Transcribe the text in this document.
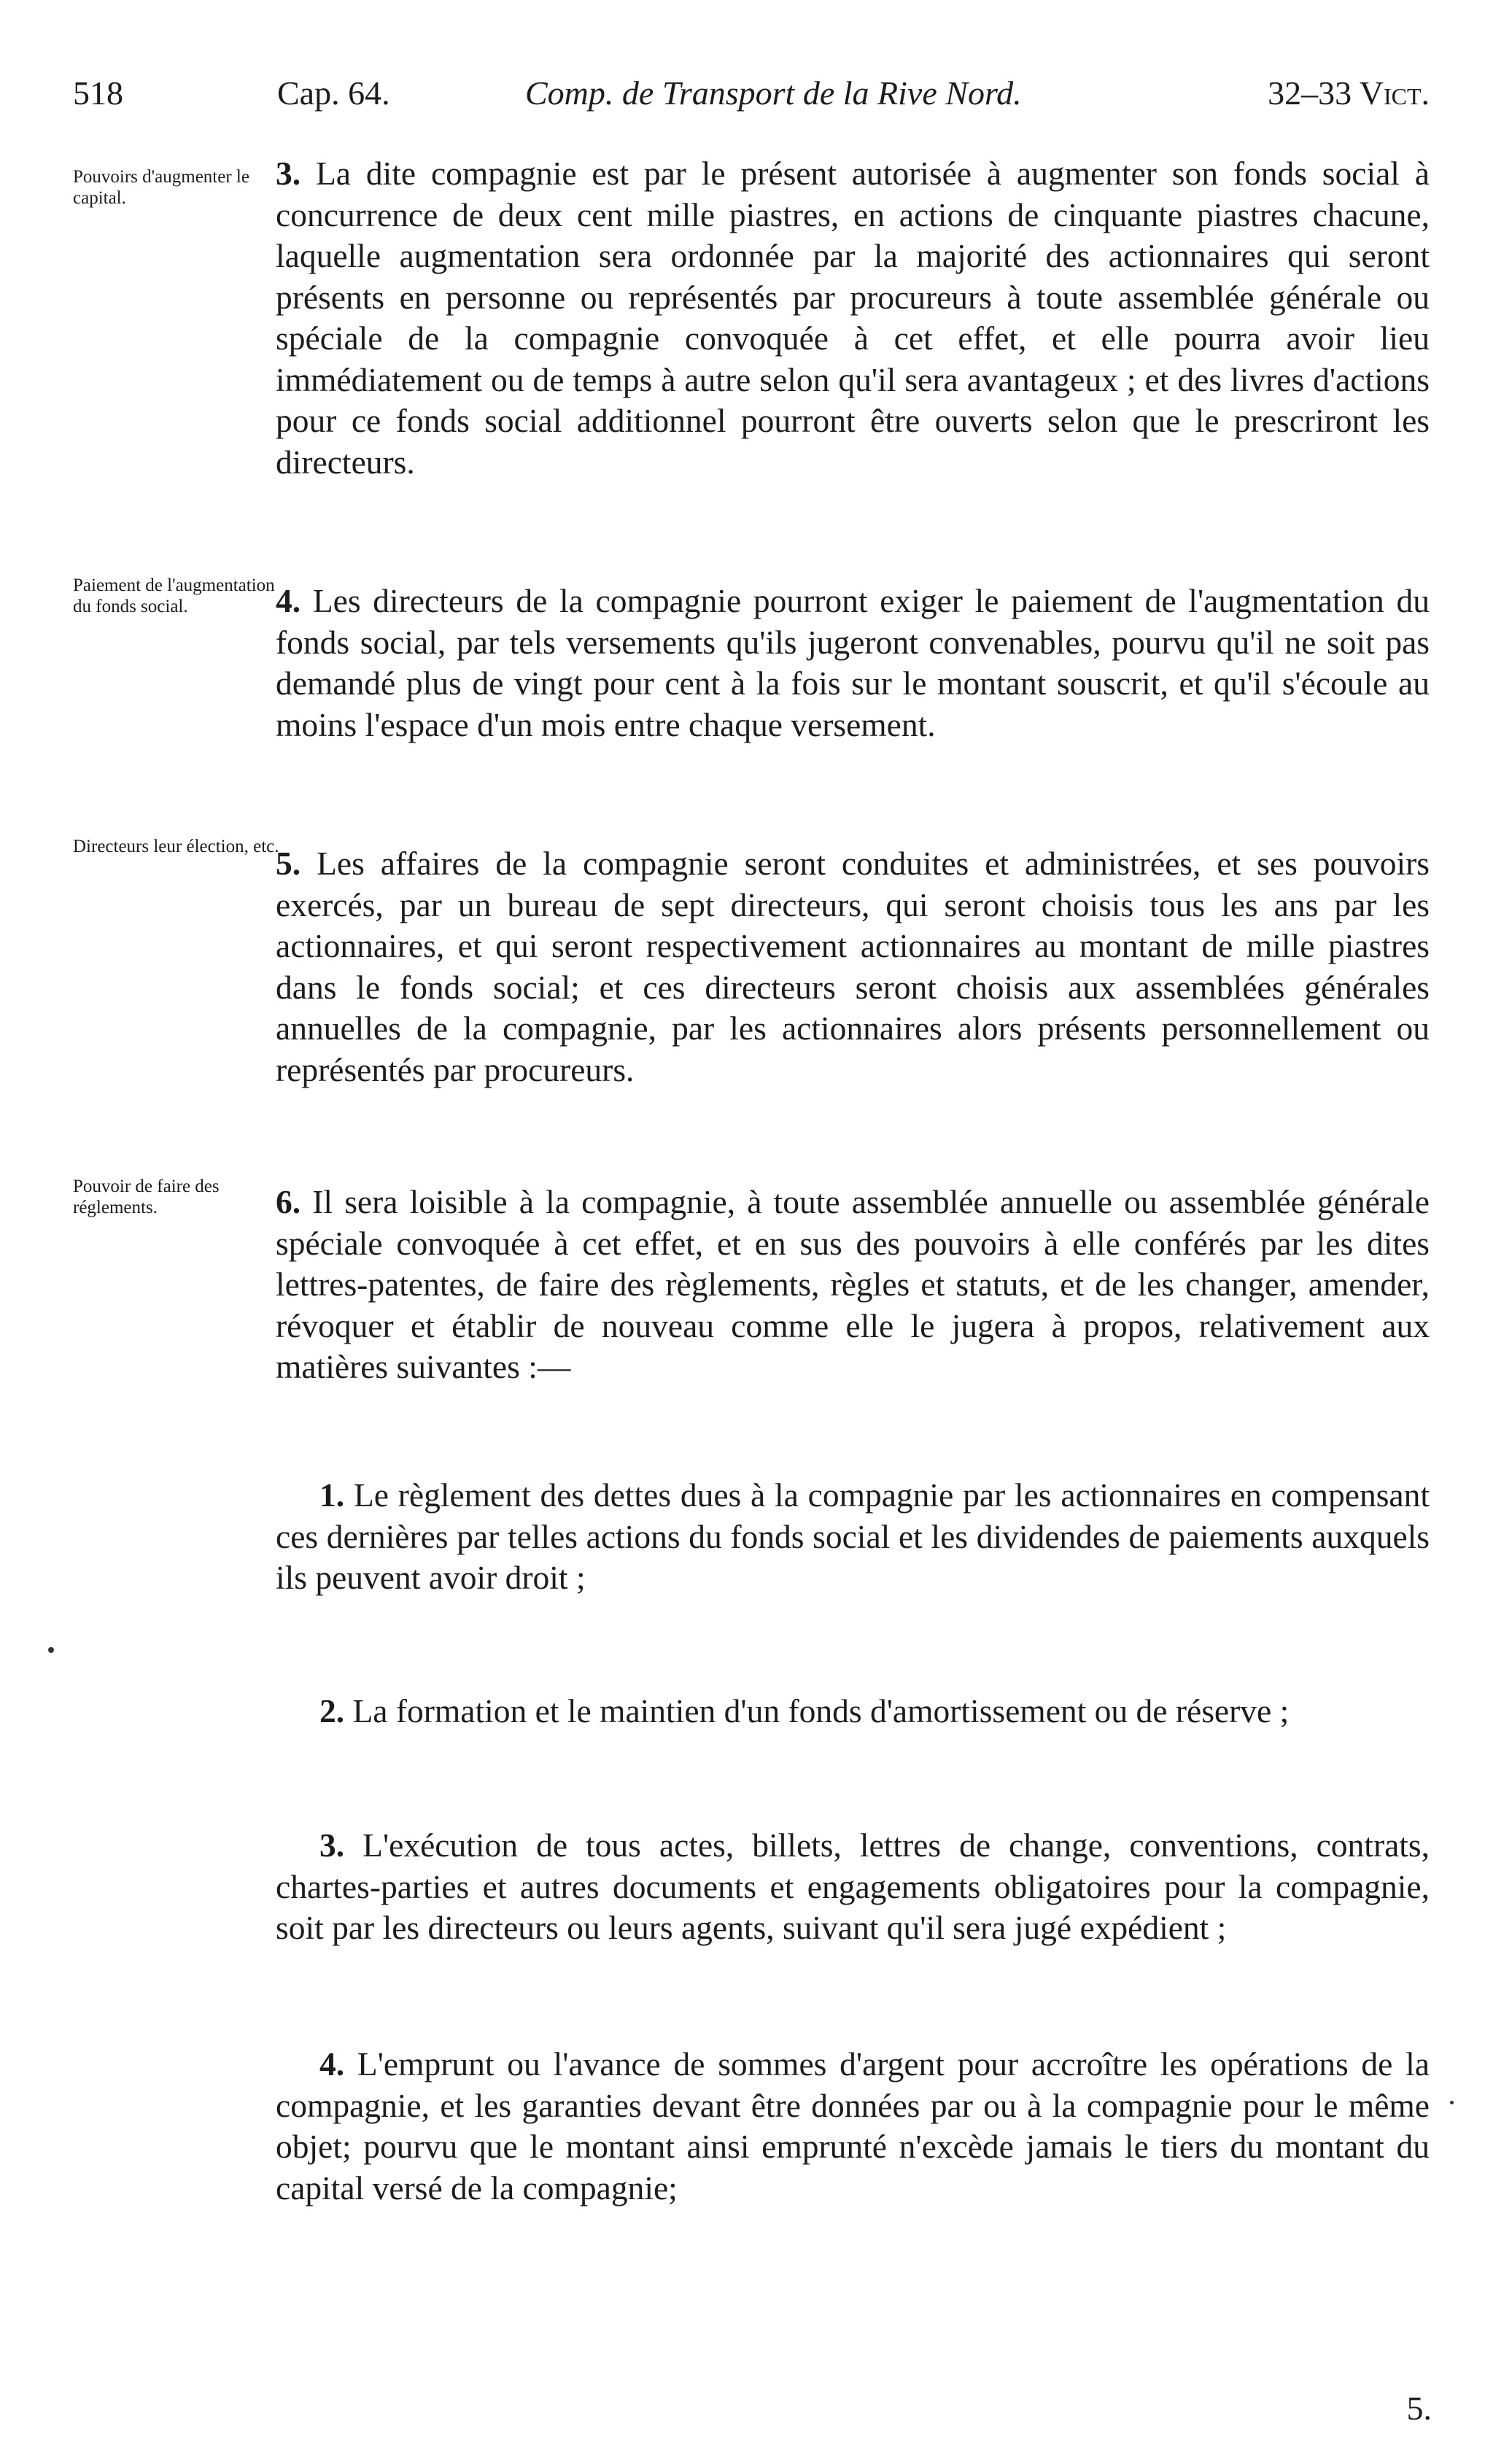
518	Cap. 64.	Comp. de Transport de la Rive Nord.	32–33 Vict.
Pouvoirs d'augmenter le capital.
3. La dite compagnie est par le présent autorisée à augmenter son fonds social à concurrence de deux cent mille piastres, en actions de cinquante piastres chacune, laquelle augmentation sera ordonnée par la majorité des actionnaires qui seront présents en personne ou représentés par procureurs à toute assemblée générale ou spéciale de la compagnie convoquée à cet effet, et elle pourra avoir lieu immédiatement ou de temps à autre selon qu'il sera avantageux ; et des livres d'actions pour ce fonds social additionnel pourront être ouverts selon que le prescriront les directeurs.
Paiement de l'augmentation du fonds social.	4. Les directeurs de la compagnie pourront exiger le paiement de l'augmentation du fonds social, par tels versements qu'ils jugeront convenables, pourvu qu'il ne soit pas demandé plus de vingt pour cent à la fois sur le montant souscrit, et qu'il s'écoule au moins l'espace d'un mois entre chaque versement.
Directeurs leur élection, etc.
5. Les affaires de la compagnie seront conduites et administrées, et ses pouvoirs exercés, par un bureau de sept directeurs, qui seront choisis tous les ans par les actionnaires, et qui seront respectivement actionnaires au montant de mille piastres dans le fonds social; et ces directeurs seront choisis aux assemblées générales annuelles de la compagnie, par les actionnaires alors présents personnellement ou représentés par procureurs.
Pouvoir de faire des réglements.	6. Il sera loisible à la compagnie, à toute assemblée annuelle ou assemblée générale spéciale convoquée à cet effet, et en sus des pouvoirs à elle conférés par les dites lettres-patentes, de faire des règlements, règles et statuts, et de les changer, amender, révoquer et établir de nouveau comme elle le jugera à propos, relativement aux matières suivantes :—
1. Le règlement des dettes dues à la compagnie par les actionnaires en compensant ces dernières par telles actions du fonds social et les dividendes de paiements auxquels ils peuvent avoir droit ;
2. La formation et le maintien d'un fonds d'amortissement ou de réserve ;
3. L'exécution de tous actes, billets, lettres de change, conventions, contrats, chartes-parties et autres documents et engagements obligatoires pour la compagnie, soit par les directeurs ou leurs agents, suivant qu'il sera jugé expédient ;
4. L'emprunt ou l'avance de sommes d'argent pour accroître les opérations de la compagnie, et les garanties devant être données par ou à la compagnie pour le même objet; pourvu que le montant ainsi emprunté n'excède jamais le tiers du montant du capital versé de la compagnie;
5.
